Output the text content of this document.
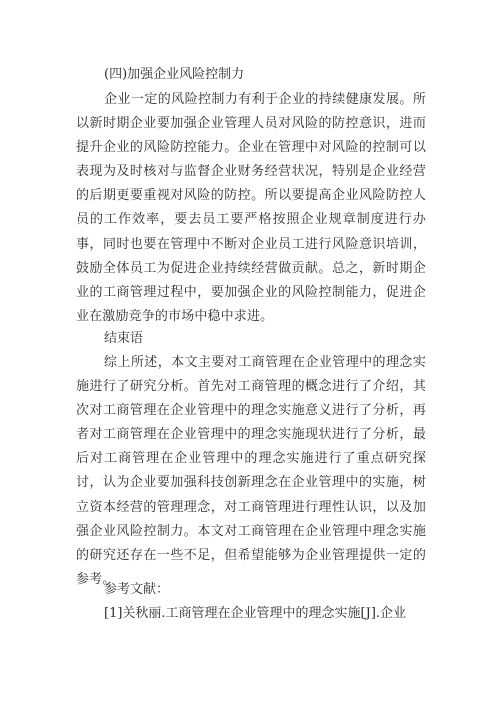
(四)加强企业风险控制力
企业一定的风险控制力有利于企业的持续健康发展。所以新时期企业要加强企业管理人员对风险的防控意识，进而提升企业的风险防控能力。企业在管理中对风险的控制可以表现为及时核对与监督企业财务经营状况，特别是企业经营的后期更要重视对风险的防控。所以要提高企业风险防控人员的工作效率，要去员工要严格按照企业规章制度进行办事，同时也要在管理中不断对企业员工进行风险意识培训，鼓励全体员工为促进企业持续经营做贡献。总之，新时期企业的工商管理过程中，要加强企业的风险控制能力，促进企业在激励竞争的市场中稳中求进。
结束语
综上所述，本文主要对工商管理在企业管理中的理念实施进行了研究分析。首先对工商管理的概念进行了介绍，其次对工商管理在企业管理中的理念实施意义进行了分析，再者对工商管理在企业管理中的理念实施现状进行了分析，最后对工商管理在企业管理中的理念实施进行了重点研究探讨，认为企业要加强科技创新理念在企业管理中的实施，树立资本经营的管理理念，对工商管理进行理性认识，以及加强企业风险控制力。本文对工商管理在企业管理中理念实施的研究还存在一些不足，但希望能够为企业管理提供一定的参考。
参考文献：
[1]关秋丽.工商管理在企业管理中的理念实施[J].企业
